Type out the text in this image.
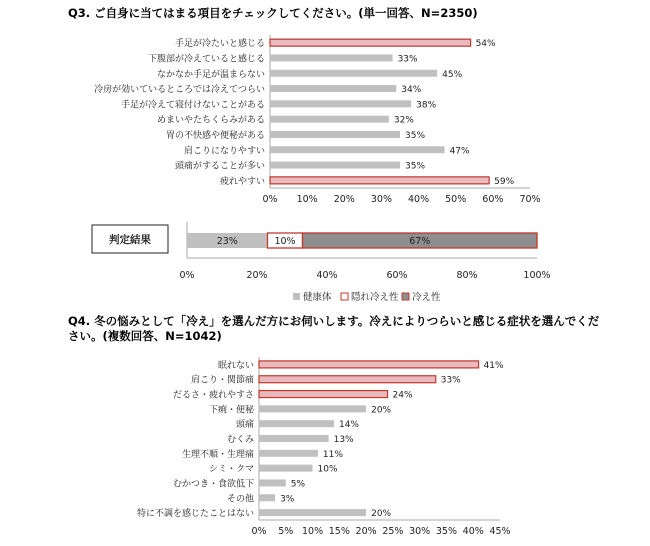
Q3. ご自身に当てはまる項目をチェックしてください。(単一回答、N=2350)

Q4. 冬の悩みとして「冷え」を選んだ方にお伺いします。冷えによりつらいと感じる症状を選んでください。(複数回答、N=1042)

手足が冷たいと感じる	54%
下腹部が冷えていると感じる	33%
なかなか手足が温まらない	45%
冷房が効いているところでは冷えてつらい	34%
手足が冷えて寝付けないことがある	38%
めまいやたちくらみがある	32%
胃の不快感や便秘がある	35%
肩こりになりやすい	47%
頭痛がすることが多い	35%
疲れやすい	59%
0% 10% 20% 30% 40% 50% 60% 70%
判定結果	23%	10%	67%
0%	20%	40%	60%	80%	100%
健康体 隠れ冷え性 冷え性
眠れない	41%
肩こり・関節痛	33%
だるさ・疲れやすさ	24%
下痢・便秘	20%
頭痛	14%
むくみ	13%
生理不順・生理痛	11%
シミ・クマ	10%
むかつき・食欲低下	5%
その他	3%
特に不調を感じたことはない	20%
0% 5% 10% 15% 20% 25% 30% 35% 40% 45%
